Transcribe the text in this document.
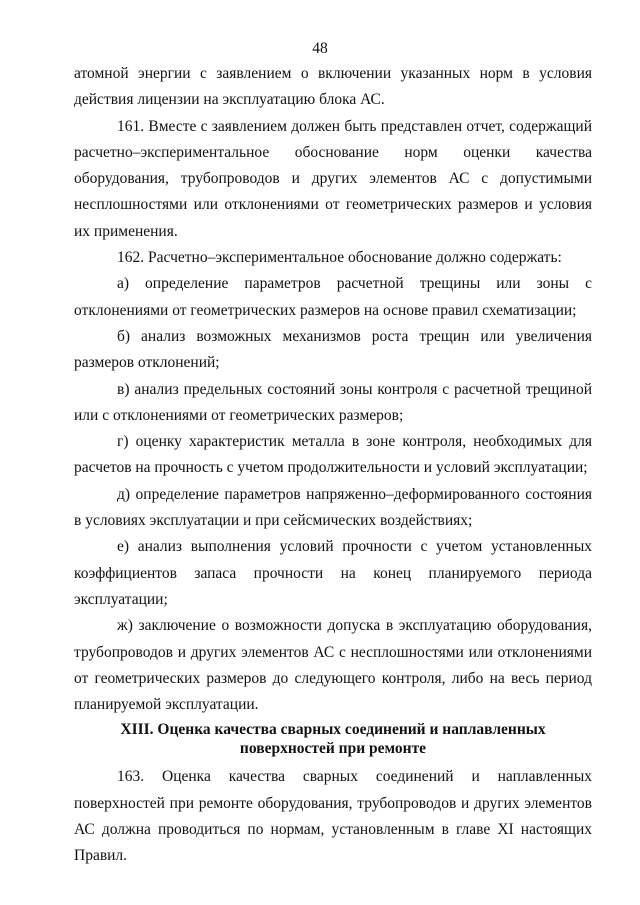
48

атомной энергии с заявлением о включении указанных норм в условия действия лицензии на эксплуатацию блока АС.

161. Вместе с заявлением должен быть представлен отчет, содержащий расчетно–экспериментальное обоснование норм оценки качества оборудования, трубопроводов и других элементов АС с допустимыми несплошностями или отклонениями от геометрических размеров и условия их применения.

162. Расчетно–экспериментальное обоснование должно содержать:

а) определение параметров расчетной трещины или зоны с отклонениями от геометрических размеров на основе правил схематизации;

б) анализ возможных механизмов роста трещин или увеличения размеров отклонений;

в) анализ предельных состояний зоны контроля с расчетной трещиной или с отклонениями от геометрических размеров;

г) оценку характеристик металла в зоне контроля, необходимых для расчетов на прочность с учетом продолжительности и условий эксплуатации;

д) определение параметров напряженно–деформированного состояния в условиях эксплуатации и при сейсмических воздействиях;

е) анализ выполнения условий прочности с учетом установленных коэффициентов запаса прочности на конец планируемого периода эксплуатации;

ж) заключение о возможности допуска в эксплуатацию оборудования, трубопроводов и других элементов АС с несплошностями или отклонениями от геометрических размеров до следующего контроля, либо на весь период планируемой эксплуатации.

XIII. Оценка качества сварных соединений и наплавленных
поверхностей при ремонте

163. Оценка качества сварных соединений и наплавленных поверхностей при ремонте оборудования, трубопроводов и других элементов АС должна проводиться по нормам, установленным в главе XI настоящих Правил.
